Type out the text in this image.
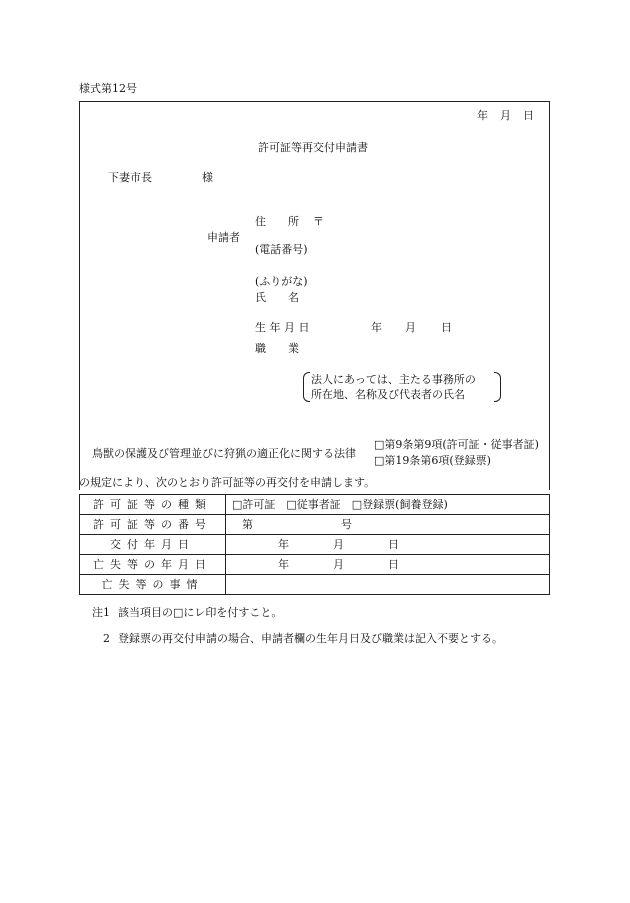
様式第12号
年 月 日
許可証等再交付申請書
下妻市長	様
申請者
住　　所 〒
(電話番号)
(ふりがな)
氏　　名
生 年 月 日	年 月 日
職　　業
法人にあっては、主たる事務所の
所在地、名称及び代表者の氏名
鳥獣の保護及び管理並びに狩猟の適正化に関する法律
□第9条第9項(許可証・従事者証)
□第19条第6項(登録票)
の規定により、次のとおり許可証等の再交付を申請します。
許可証等の種類	□許可証　□従事者証　□登録票(飼養登録)
許可証等の番号	第　　　　　　　　号
交付年月日	年　　　　月　　　　日
亡失等の年月日	年　　　　月　　　　日
亡失等の事情	
注1 該当項目の□にレ印を付すこと。
2 登録票の再交付申請の場合、申請者欄の生年月日及び職業は記入不要とする。
